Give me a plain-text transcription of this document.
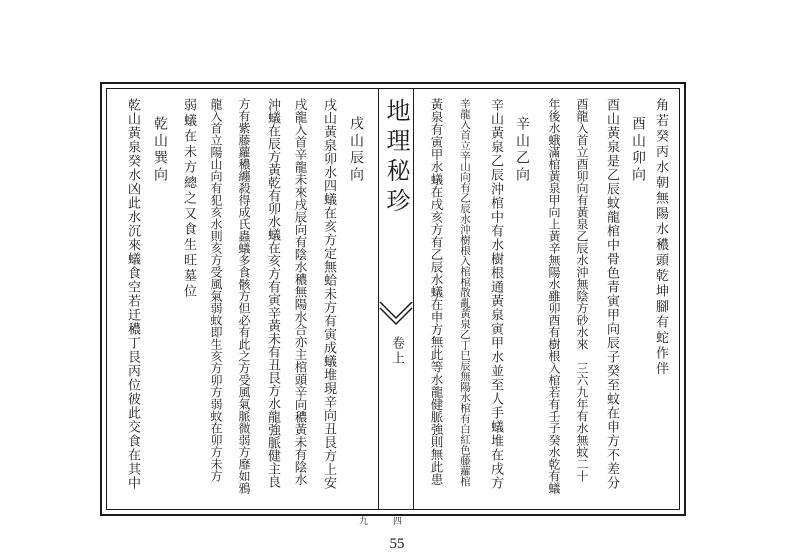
地理秘珍
卷上
四九
角若癸丙水朝無陽水穠頭乾坤腳有蛇作伴
酉山卯向
酉山黃泉是乙辰蚊龍棺中骨色青寅甲向辰子癸至蚊在申方不差分
酉龍入首立酉卯向有黃泉乙辰水沖無陰方砂水來　三六九年有水無蚊二十
年後水蛾滿棺黃泉甲向上黃辛無陽水雖卯酉有樹根入棺若有壬子癸水乾有蟻
辛山乙向
辛山黃泉乙辰沖棺中有水樹根通黃泉寅甲水並至人手蟻堆在戌方
辛龍入首立辛山向有乙辰水沖樹根入棺棺散亂黃泉乙丁巳辰無陽水棺有白紅色藤蘿棺
黃泉有寅甲水蟻在戌亥方有乙辰水蟻在申方無此等水龍健脈強則無此患
戌山辰向
戌山黃泉卯水四蟻在亥方定無蛤未方有寅成蟻堆現辛向丑艮方上安
戌龍入首辛龍未來戌辰向有陰水穠無陽水合亦主棺頭辛向穠黃未有陰水
沖蟻在辰方黃乾有卯水蟻在亥方有寅辛黃未有丑艮方水龍強脈健主良
方有紫藤蘿穠纏殺得成氏蟲蟻多食骸方但必有此之方受風氣脈微弱方靡如鴉
龍入首立陽山向有犯亥水則亥方受風氣弱蚊即生亥方卯方弱蚊在卯方未方
弱蟻在未方總之又食生旺墓位
乾山巽向
乾山黃泉癸水凶此水沉來蟻食空若迁穠丁艮丙位彼此交食在其中
55
